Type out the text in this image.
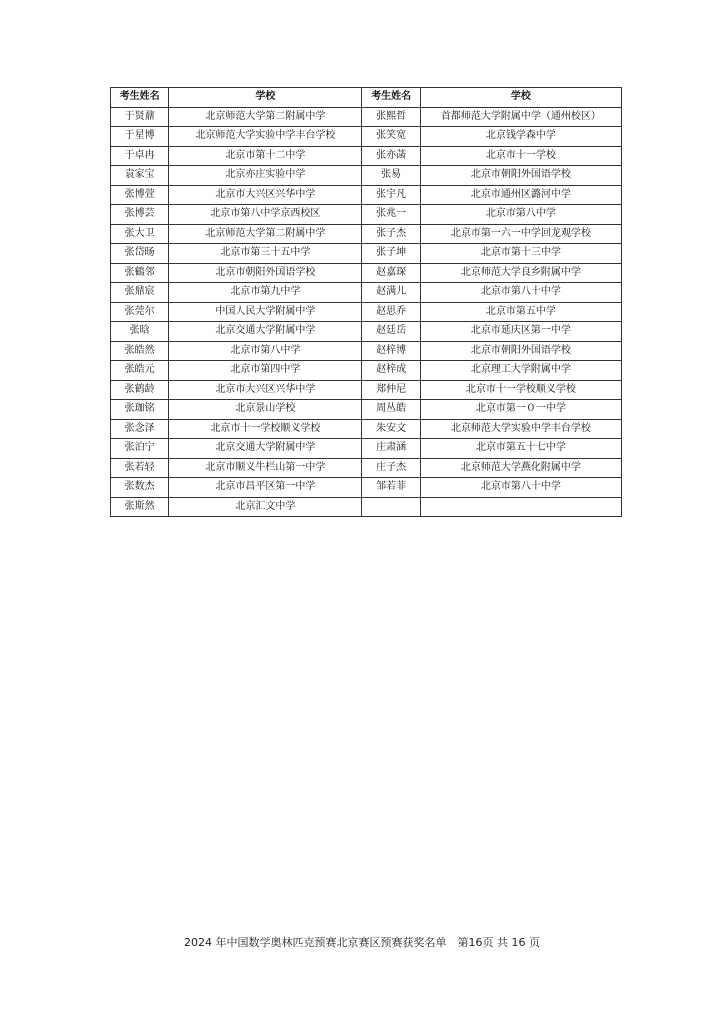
考生姓名	学校	考生姓名	学校
于贤鼐	北京师范大学第二附属中学	张熙哲	首都师范大学附属中学（通州校区）
于星博	北京师范大学实验中学丰台学校	张笑宽	北京钱学森中学
于卓冉	北京市第十二中学	张亦菡	北京市十一学校
袁家宝	北京亦庄实验中学	张易	北京市朝阳外国语学校
张博萱	北京市大兴区兴华中学	张宇凡	北京市通州区潞河中学
张博芸	北京市第八中学京西校区	张兆一	北京市第八中学
张大卫	北京师范大学第二附属中学	张子杰	北京市第一六一中学回龙观学校
张岱旸	北京市第三十五中学	张子坤	北京市第十三中学
张鶴邻	北京市朝阳外国语学校	赵嘉琛	北京师范大学良乡附属中学
张鼎宸	北京市第九中学	赵满儿	北京市第八十中学
张莞尔	中国人民大学附属中学	赵思乔	北京市第五中学
张晗	北京交通大学附属中学	赵廷岳	北京市延庆区第一中学
张皓然	北京市第八中学	赵梓博	北京市朝阳外国语学校
张皓元	北京市第四中学	赵梓成	北京理工大学附属中学
张鹤龄	北京市大兴区兴华中学	郑仲尼	北京市十一学校顺义学校
张珈铭	北京景山学校	周丛皓	北京市第一０一中学
张念泽	北京市十一学校顺义学校	朱安文	北京师范大学实验中学丰台学校
张泊宁	北京交通大学附属中学	庄肃涵	北京市第五十七中学
张若轻	北京市顺义牛栏山第一中学	庄子杰	北京师范大学燕化附属中学
张数杰	北京市昌平区第一中学	邹若菲	北京市第八十中学
张斯然	北京汇文中学		
2024 年中国数学奥林匹克预赛北京赛区预赛获奖名单　第16页 共 16 页
